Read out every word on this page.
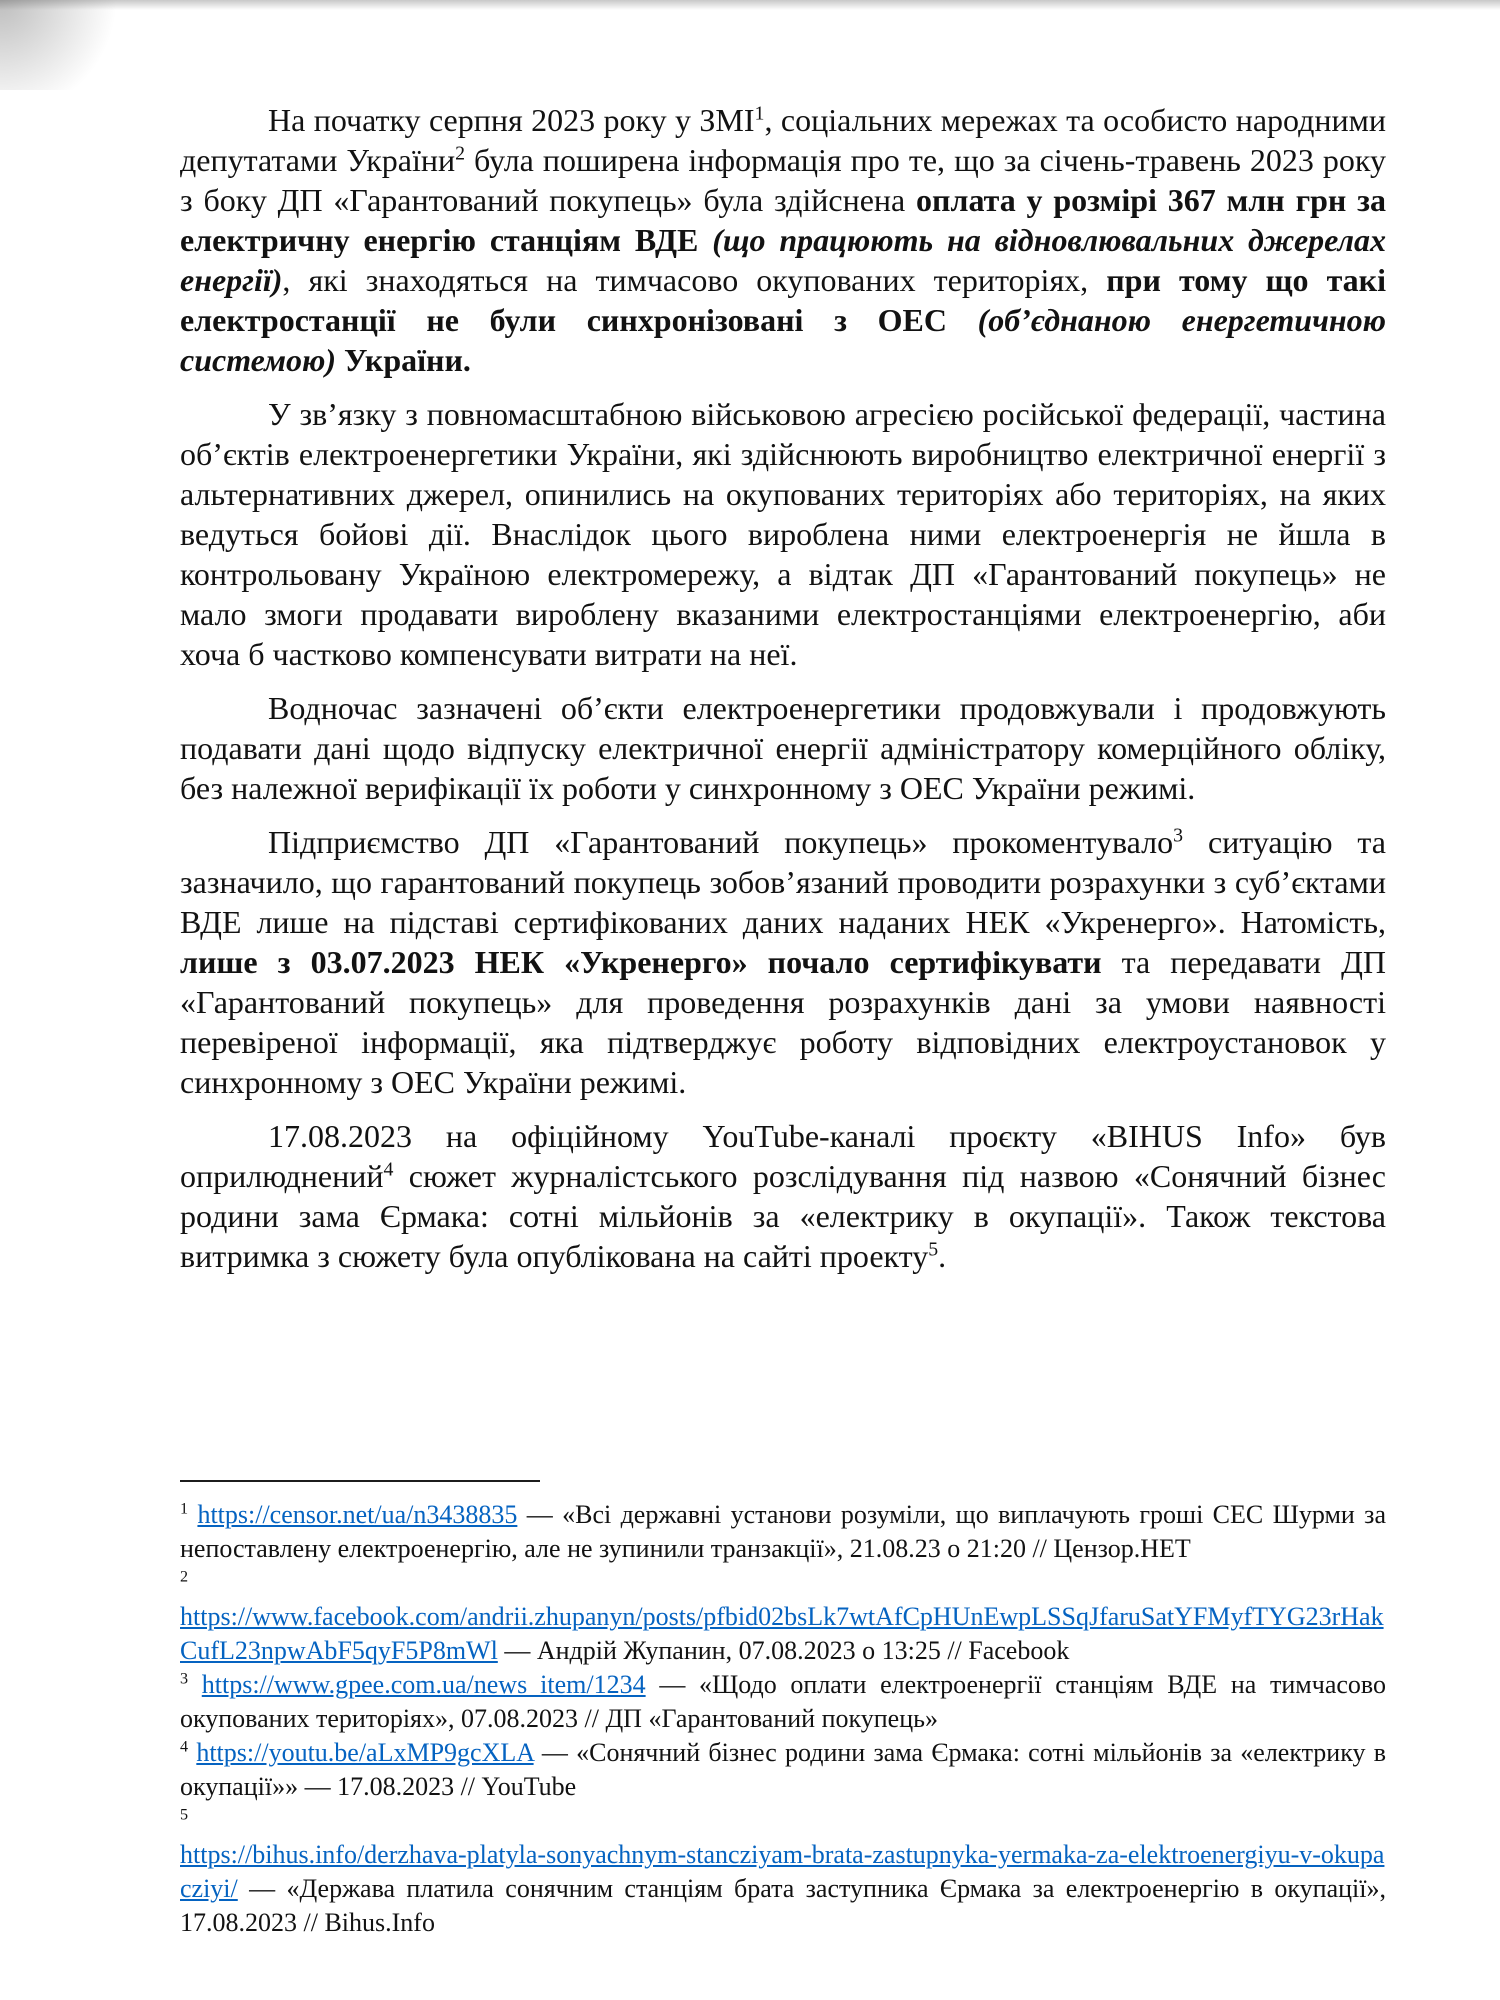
На початку серпня 2023 року у ЗМІ$^1$, соціальних мережах та особисто народними депутатами України$^2$ була поширена інформація про те, що за січень-травень 2023 року з боку ДП «Гарантований покупець» була здійснена оплата у розмірі 367 млн грн за електричну енергію станціям ВДЕ (що працюють на відновлювальних джерелах енергії), які знаходяться на тимчасово окупованих територіях, при тому що такі електростанції не були синхронізовані з ОЕС (об’єднаною енергетичною системою) України.

У зв’язку з повномасштабною військовою агресією російської федерації, частина об’єктів електроенергетики України, які здійснюють виробництво електричної енергії з альтернативних джерел, опинились на окупованих територіях або територіях, на яких ведуться бойові дії. Внаслідок цього вироблена ними електроенергія не йшла в контрольовану Україною електромережу, а відтак ДП «Гарантований покупець» не мало змоги продавати вироблену вказаними електростанціями електроенергію, аби хоча б частково компенсувати витрати на неї.

Водночас зазначені об’єкти електроенергетики продовжували і продовжують подавати дані щодо відпуску електричної енергії адміністратору комерційного обліку, без належної верифікації їх роботи у синхронному з ОЕС України режимі.

Підприємство ДП «Гарантований покупець» прокоментувало$^3$ ситуацію та зазначило, що гарантований покупець зобов’язаний проводити розрахунки з суб’єктами ВДЕ лише на підставі сертифікованих даних наданих НЕК «Укренерго». Натомість, лише з 03.07.2023 НЕК «Укренерго» почало сертифікувати та передавати ДП «Гарантований покупець» для проведення розрахунків дані за умови наявності перевіреної інформації, яка підтверджує роботу відповідних електроустановок у синхронному з ОЕС України режимі.

17.08.2023 на офіційному YouTube-каналі проєкту «BIHUS Info» був оприлюднений$^4$ сюжет журналістського розслідування під назвою «Сонячний бізнес родини зама Єрмака: сотні мільйонів за «електрику в окупації». Також текстова витримка з сюжету була опублікована на сайті проекту$^5$.

$^1$ https://censor.net/ua/n3438835 — «Всі державні установи розуміли, що виплачують гроші СЕС Шурми за непоставлену електроенергію, але не зупинили транзакції», 21.08.23 о 21:20 // Цензор.НЕТ

$^2$
https://www.facebook.com/andrii.zhupanyn/posts/pfbid02bsLk7wtAfCpHUnEwpLSSqJfaruSatYFMyfTYG23rHakCufL23npwAbF5qyF5P8mWl — Андрій Жупанин, 07.08.2023 о 13:25 // Facebook

$^3$ https://www.gpee.com.ua/news_item/1234 — «Щодо оплати електроенергії станціям ВДЕ на тимчасово окупованих територіях», 07.08.2023 // ДП «Гарантований покупець»

$^4$ https://youtu.be/aLxMP9gcXLA — «Сонячний бізнес родини зама Єрмака: сотні мільйонів за «електрику в окупації»» — 17.08.2023 // YouTube

$^5$
https://bihus.info/derzhava-platyla-sonyachnym-stancziyam-brata-zastupnyka-yermaka-za-elektroenergiyu-v-okupacziyi/ — «Держава платила сонячним станціям брата заступника Єрмака за електроенергію в окупації», 17.08.2023 // Bihus.Info
